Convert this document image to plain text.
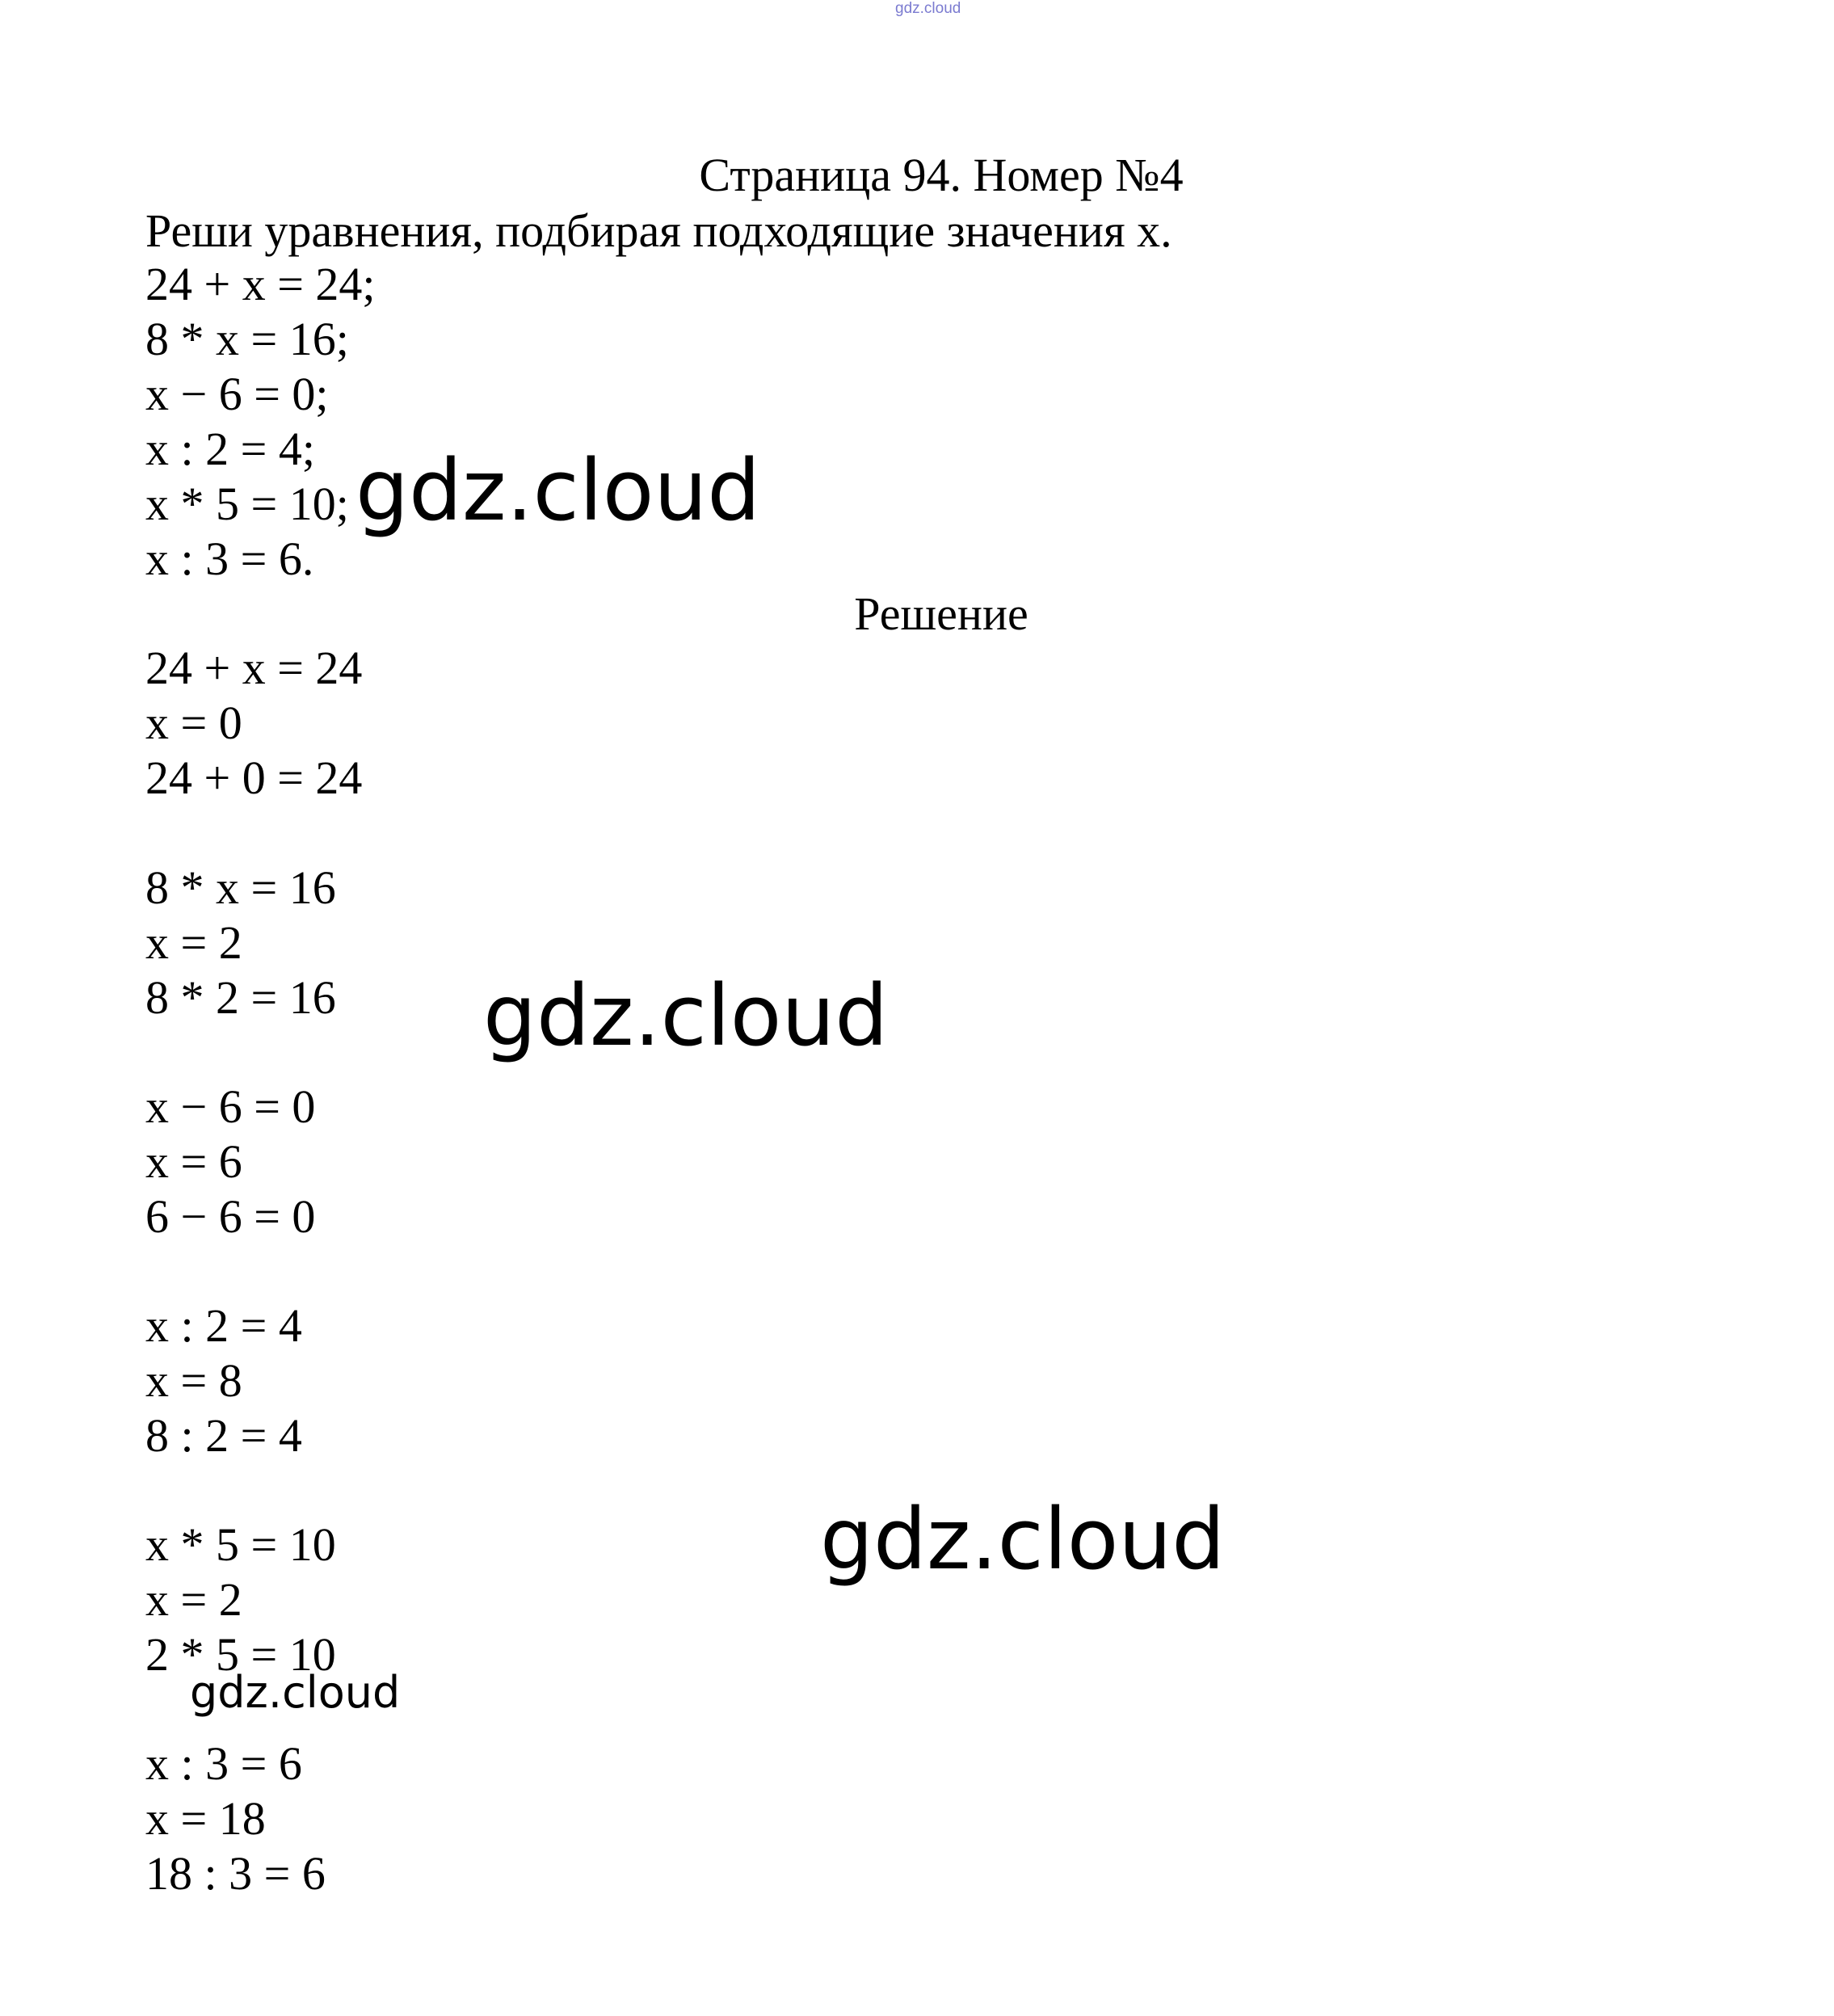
gdz.cloud
Страница 94. Номер №4
Реши уравнения, подбирая подходящие значения x.
24 + x = 24;
8 * x = 16;
x − 6 = 0;
x : 2 = 4;
x * 5 = 10;
x : 3 = 6.
Решение
24 + x = 24
x = 0
24 + 0 = 24
8 * x = 16
x = 2
8 * 2 = 16
x − 6 = 0
x = 6
6 − 6 = 0
x : 2 = 4
x = 8
8 : 2 = 4
x * 5 = 10
x = 2
2 * 5 = 10
x : 3 = 6
x = 18
18 : 3 = 6
gdz.cloud
gdz.cloud
gdz.cloud
gdz.cloud
